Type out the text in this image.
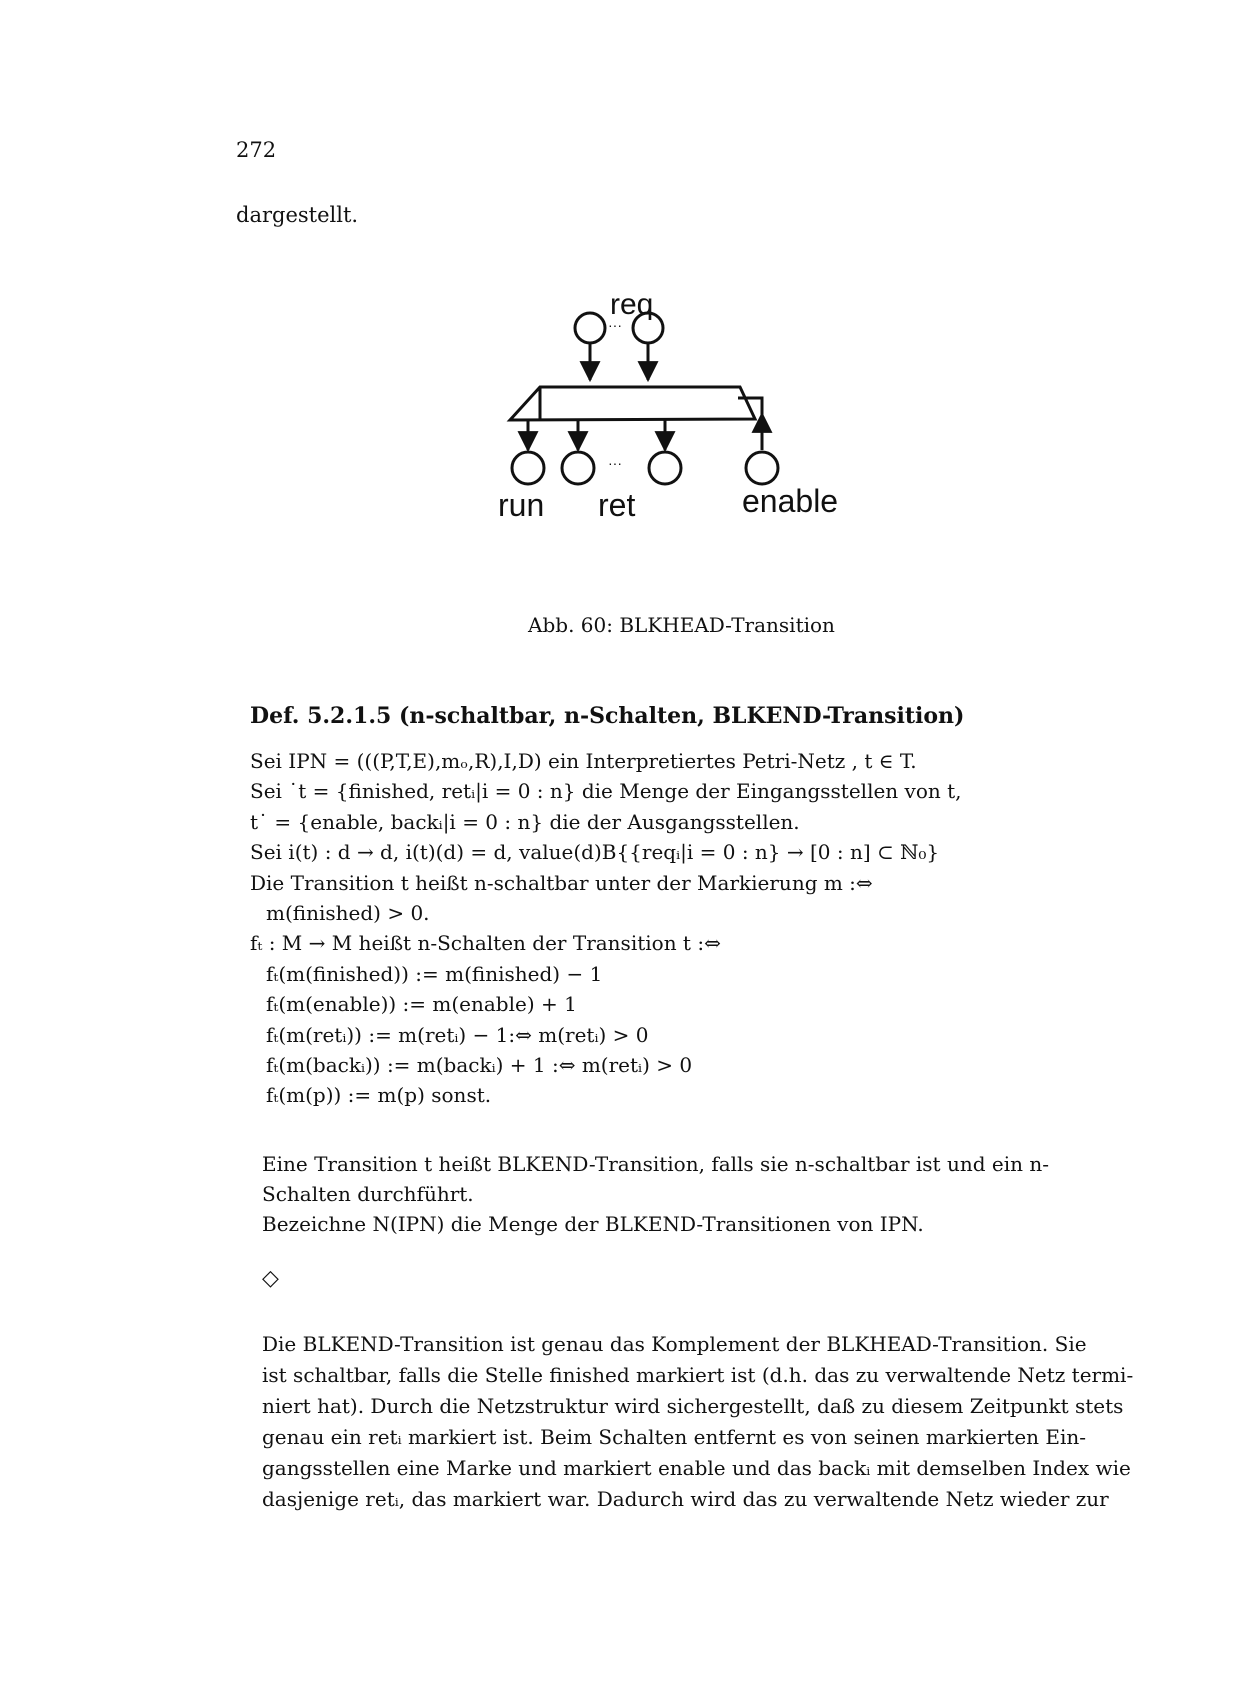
272
dargestellt.
req
···
···
run ret	enable
Abb. 60: BLKHEAD-Transition
Def. 5.2.1.5 (n-schaltbar, n-Schalten, BLKEND-Transition)
Sei IPN = (((P,T,E),mₒ,R),I,D) ein Interpretiertes Petri-Netz , t ∈ T.
Sei ˙t = {finished, retᵢ|i = 0 : n} die Menge der Eingangsstellen von t,
t˙ = {enable, backᵢ|i = 0 : n} die der Ausgangsstellen.
Sei i(t) : d → d, i(t)(d) = d, value(d)B{{reqᵢ|i = 0 : n} → [0 : n] ⊂ ℕ₀}
Die Transition t heißt n-schaltbar unter der Markierung m :⇔
m(finished) > 0.
fₜ : M → M heißt n-Schalten der Transition t :⇔
fₜ(m(finished)) := m(finished) − 1
fₜ(m(enable)) := m(enable) + 1
fₜ(m(retᵢ)) := m(retᵢ) − 1:⇔ m(retᵢ) > 0
fₜ(m(backᵢ)) := m(backᵢ) + 1 :⇔ m(retᵢ) > 0
fₜ(m(p)) := m(p) sonst.
Eine Transition t heißt BLKEND-Transition, falls sie n-schaltbar ist und ein n-
Schalten durchführt.
Bezeichne N(IPN) die Menge der BLKEND-Transitionen von IPN.
◇
Die BLKEND-Transition ist genau das Komplement der BLKHEAD-Transition. Sie
ist schaltbar, falls die Stelle finished markiert ist (d.h. das zu verwaltende Netz termi-
niert hat). Durch die Netzstruktur wird sichergestellt, daß zu diesem Zeitpunkt stets
genau ein retᵢ markiert ist. Beim Schalten entfernt es von seinen markierten Ein-
gangsstellen eine Marke und markiert enable und das backᵢ mit demselben Index wie
dasjenige retᵢ, das markiert war. Dadurch wird das zu verwaltende Netz wieder zur
